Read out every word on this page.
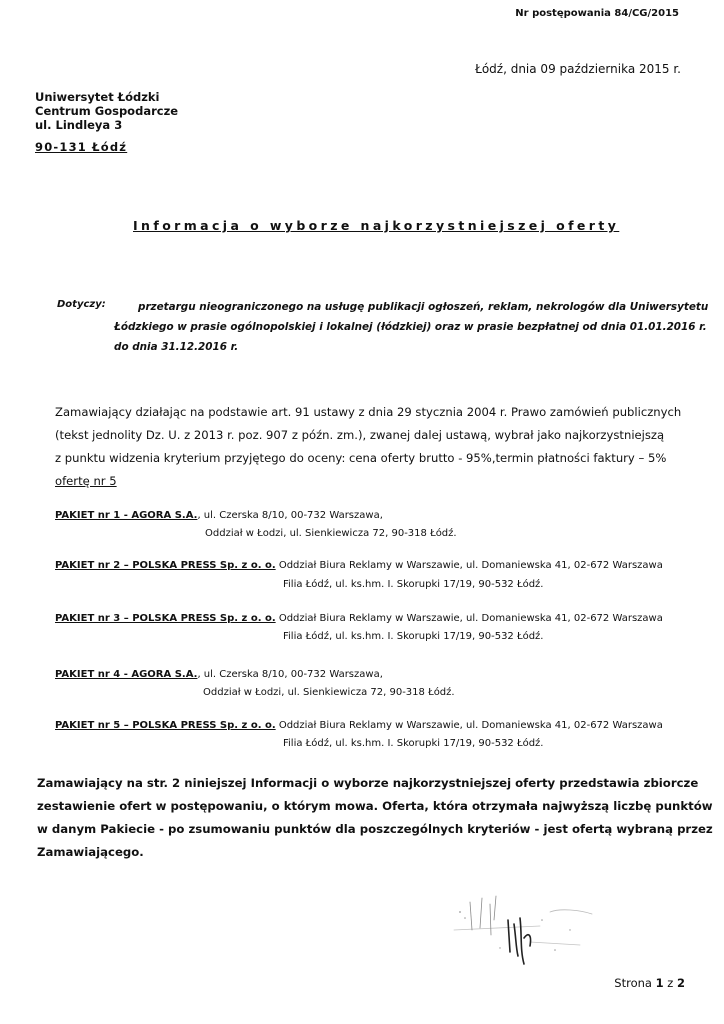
Nr postępowania 84/CG/2015
Łódź, dnia 09 października 2015 r.
Uniwersytet Łódzki
Centrum Gospodarcze
ul. Lindleya 3
90-131 Łódź
Informacja o wyborze najkorzystniejszej oferty
Dotyczy:	przetargu nieograniczonego na usługę publikacji ogłoszeń, reklam, nekrologów dla Uniwersytetu
Łódzkiego w prasie ogólnopolskiej i lokalnej (łódzkiej) oraz w prasie bezpłatnej od dnia 01.01.2016 r.
do dnia 31.12.2016 r.
Zamawiający działając na podstawie art. 91 ustawy z dnia 29 stycznia 2004 r. Prawo zamówień publicznych
(tekst jednolity Dz. U. z 2013 r. poz. 907 z późn. zm.), zwanej dalej ustawą, wybrał jako najkorzystniejszą
z punktu widzenia kryterium przyjętego do oceny: cena oferty brutto - 95%,termin płatności faktury – 5%
ofertę nr 5
PAKIET nr 1 - AGORA S.A., ul. Czerska 8/10, 00-732 Warszawa,
Oddział w Łodzi, ul. Sienkiewicza 72, 90-318 Łódź.
PAKIET nr 2 – POLSKA PRESS Sp. z o. o. Oddział Biura Reklamy w Warszawie, ul. Domaniewska 41, 02-672 Warszawa
Filia Łódź, ul. ks.hm. I. Skorupki 17/19, 90-532 Łódź.
PAKIET nr 3 – POLSKA PRESS Sp. z o. o. Oddział Biura Reklamy w Warszawie, ul. Domaniewska 41, 02-672 Warszawa
Filia Łódź, ul. ks.hm. I. Skorupki 17/19, 90-532 Łódź.
PAKIET nr 4 - AGORA S.A., ul. Czerska 8/10, 00-732 Warszawa,
Oddział w Łodzi, ul. Sienkiewicza 72, 90-318 Łódź.
PAKIET nr 5 – POLSKA PRESS Sp. z o. o. Oddział Biura Reklamy w Warszawie, ul. Domaniewska 41, 02-672 Warszawa
Filia Łódź, ul. ks.hm. I. Skorupki 17/19, 90-532 Łódź.
Zamawiający na str. 2 niniejszej Informacji o wyborze najkorzystniejszej oferty przedstawia zbiorcze
zestawienie ofert w postępowaniu, o którym mowa. Oferta, która otrzymała najwyższą liczbę punktów
w danym Pakiecie - po zsumowaniu punktów dla poszczególnych kryteriów - jest ofertą wybraną przez
Zamawiającego.
Strona 1 z 2
